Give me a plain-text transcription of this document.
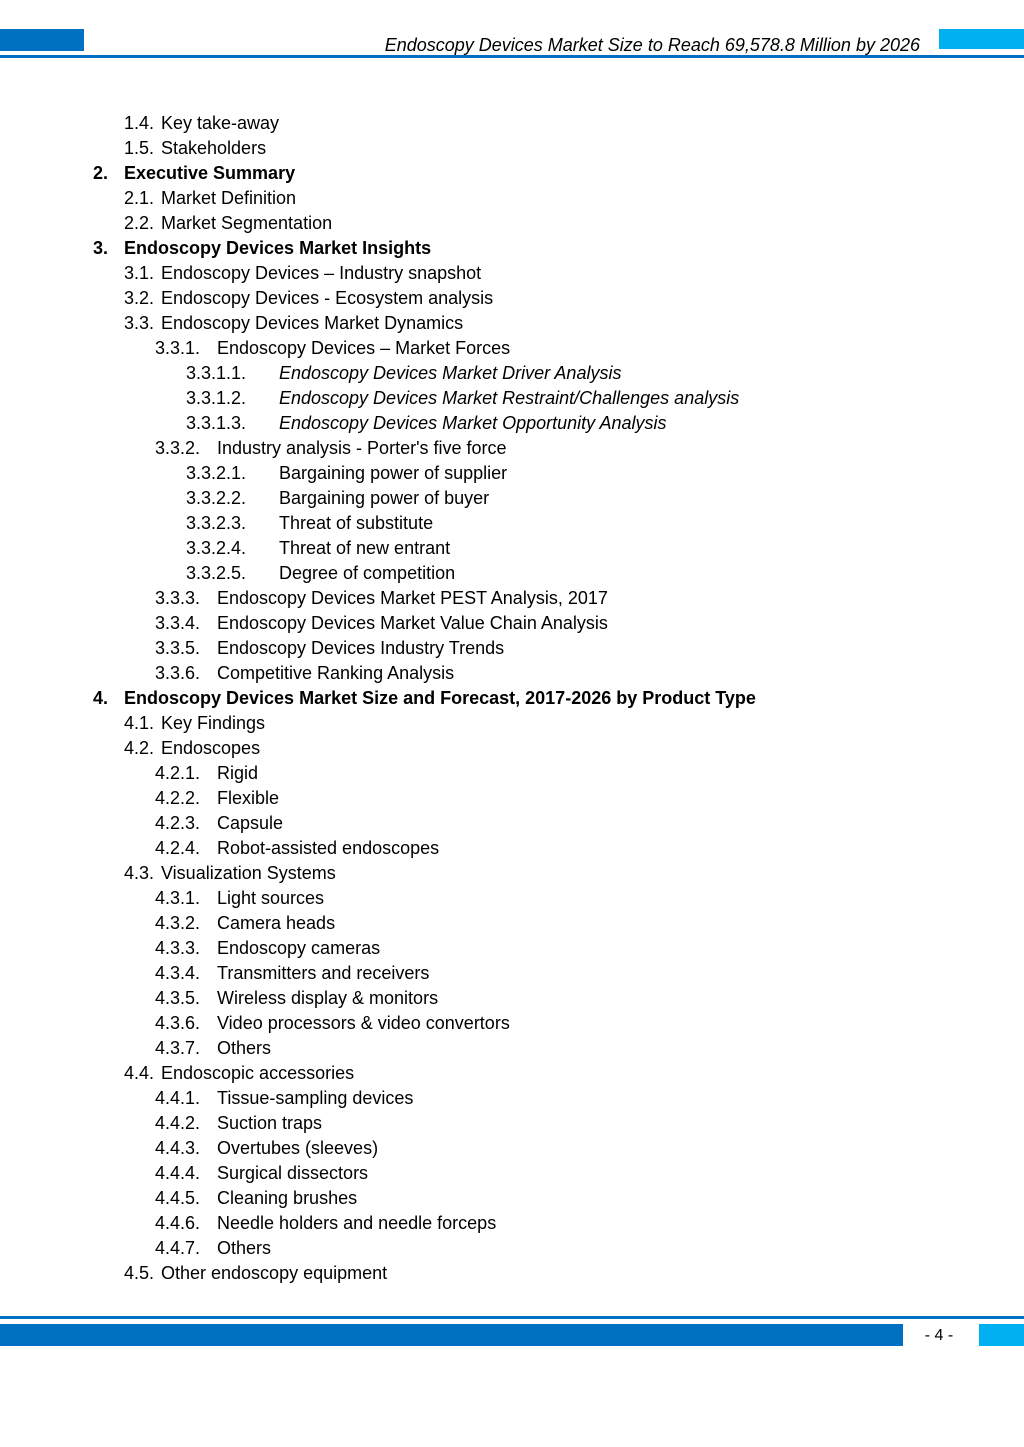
Endoscopy Devices Market Size to Reach 69,578.8 Million by 2026
1.4. Key take-away
1.5. Stakeholders
2. Executive Summary
2.1. Market Definition
2.2. Market Segmentation
3. Endoscopy Devices Market Insights
3.1. Endoscopy Devices – Industry snapshot
3.2. Endoscopy Devices - Ecosystem analysis
3.3. Endoscopy Devices Market Dynamics
3.3.1. Endoscopy Devices – Market Forces
3.3.1.1. Endoscopy Devices Market Driver Analysis
3.3.1.2. Endoscopy Devices Market Restraint/Challenges analysis
3.3.1.3. Endoscopy Devices Market Opportunity Analysis
3.3.2. Industry analysis - Porter's five force
3.3.2.1. Bargaining power of supplier
3.3.2.2. Bargaining power of buyer
3.3.2.3. Threat of substitute
3.3.2.4. Threat of new entrant
3.3.2.5. Degree of competition
3.3.3. Endoscopy Devices Market PEST Analysis, 2017
3.3.4. Endoscopy Devices Market Value Chain Analysis
3.3.5. Endoscopy Devices Industry Trends
3.3.6. Competitive Ranking Analysis
4. Endoscopy Devices Market Size and Forecast, 2017-2026 by Product Type
4.1. Key Findings
4.2. Endoscopes
4.2.1. Rigid
4.2.2. Flexible
4.2.3. Capsule
4.2.4. Robot-assisted endoscopes
4.3. Visualization Systems
4.3.1. Light sources
4.3.2. Camera heads
4.3.3. Endoscopy cameras
4.3.4. Transmitters and receivers
4.3.5. Wireless display & monitors
4.3.6. Video processors & video convertors
4.3.7. Others
4.4. Endoscopic accessories
4.4.1. Tissue-sampling devices
4.4.2. Suction traps
4.4.3. Overtubes (sleeves)
4.4.4. Surgical dissectors
4.4.5. Cleaning brushes
4.4.6. Needle holders and needle forceps
4.4.7. Others
4.5. Other endoscopy equipment
- 4 -
